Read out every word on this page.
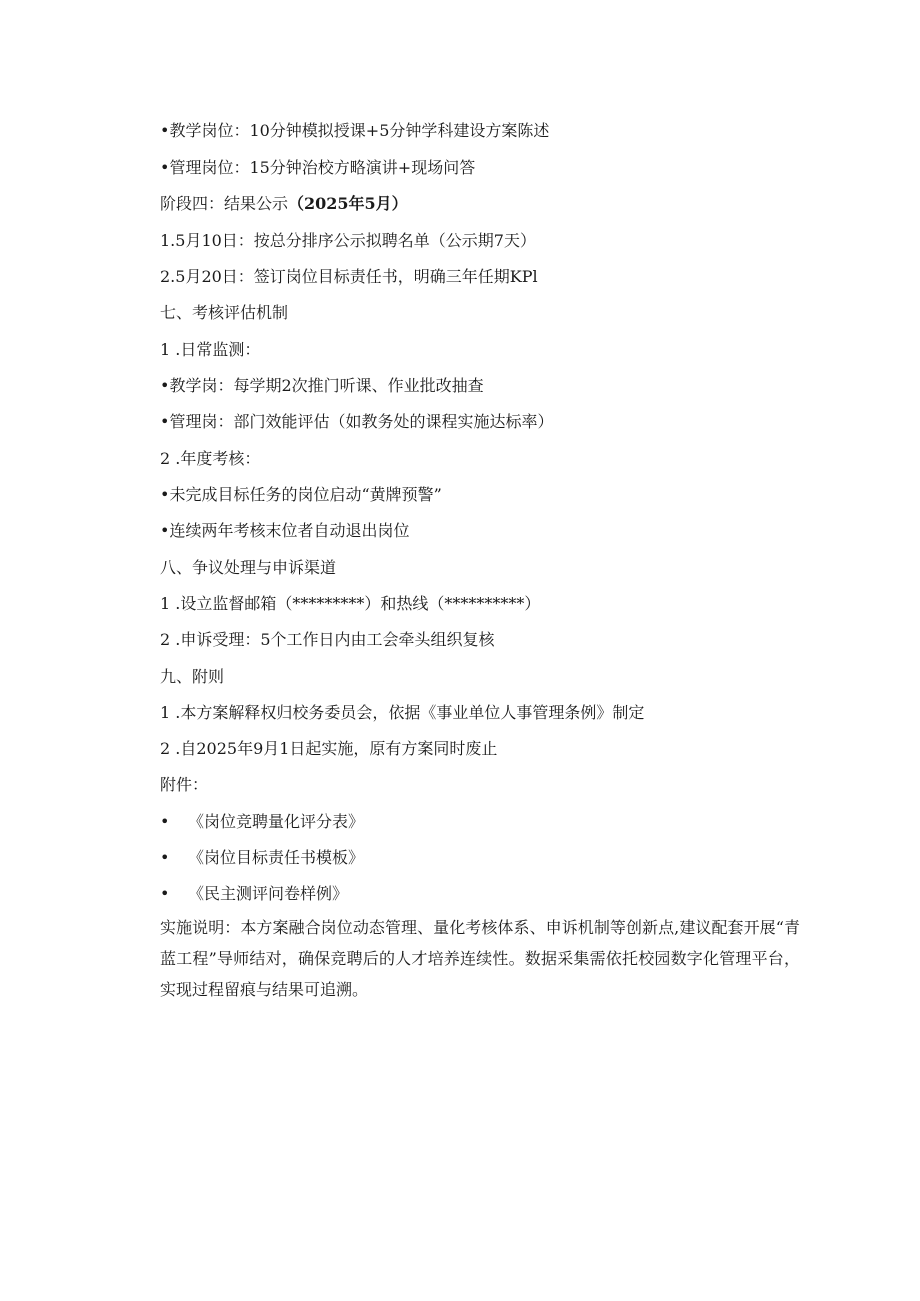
•教学岗位：10分钟模拟授课+5分钟学科建设方案陈述
•管理岗位：15分钟治校方略演讲+现场问答
阶段四：结果公示（2025年5月）
1.5月10日：按总分排序公示拟聘名单（公示期7天）
2.5月20日：签订岗位目标责任书，明确三年任期KPl
七、考核评估机制
1 .日常监测：
•教学岗：每学期2次推门听课、作业批改抽查
•管理岗：部门效能评估（如教务处的课程实施达标率）
2 .年度考核：
•未完成目标任务的岗位启动“黄牌预警”
•连续两年考核末位者自动退出岗位
八、争议处理与申诉渠道
1 .设立监督邮箱（*********）和热线（**********）
2 .申诉受理：5个工作日内由工会牵头组织复核
九、附则
1 .本方案解释权归校务委员会，依据《事业单位人事管理条例》制定
2 .自2025年9月1日起实施，原有方案同时废止
附件：
• 《岗位竞聘量化评分表》
• 《岗位目标责任书模板》
• 《民主测评问卷样例》
实施说明：本方案融合岗位动态管理、量化考核体系、申诉机制等创新点,建议配套开展“青蓝工程”导师结对，确保竞聘后的人才培养连续性。数据采集需依托校园数字化管理平台，实现过程留痕与结果可追溯。
